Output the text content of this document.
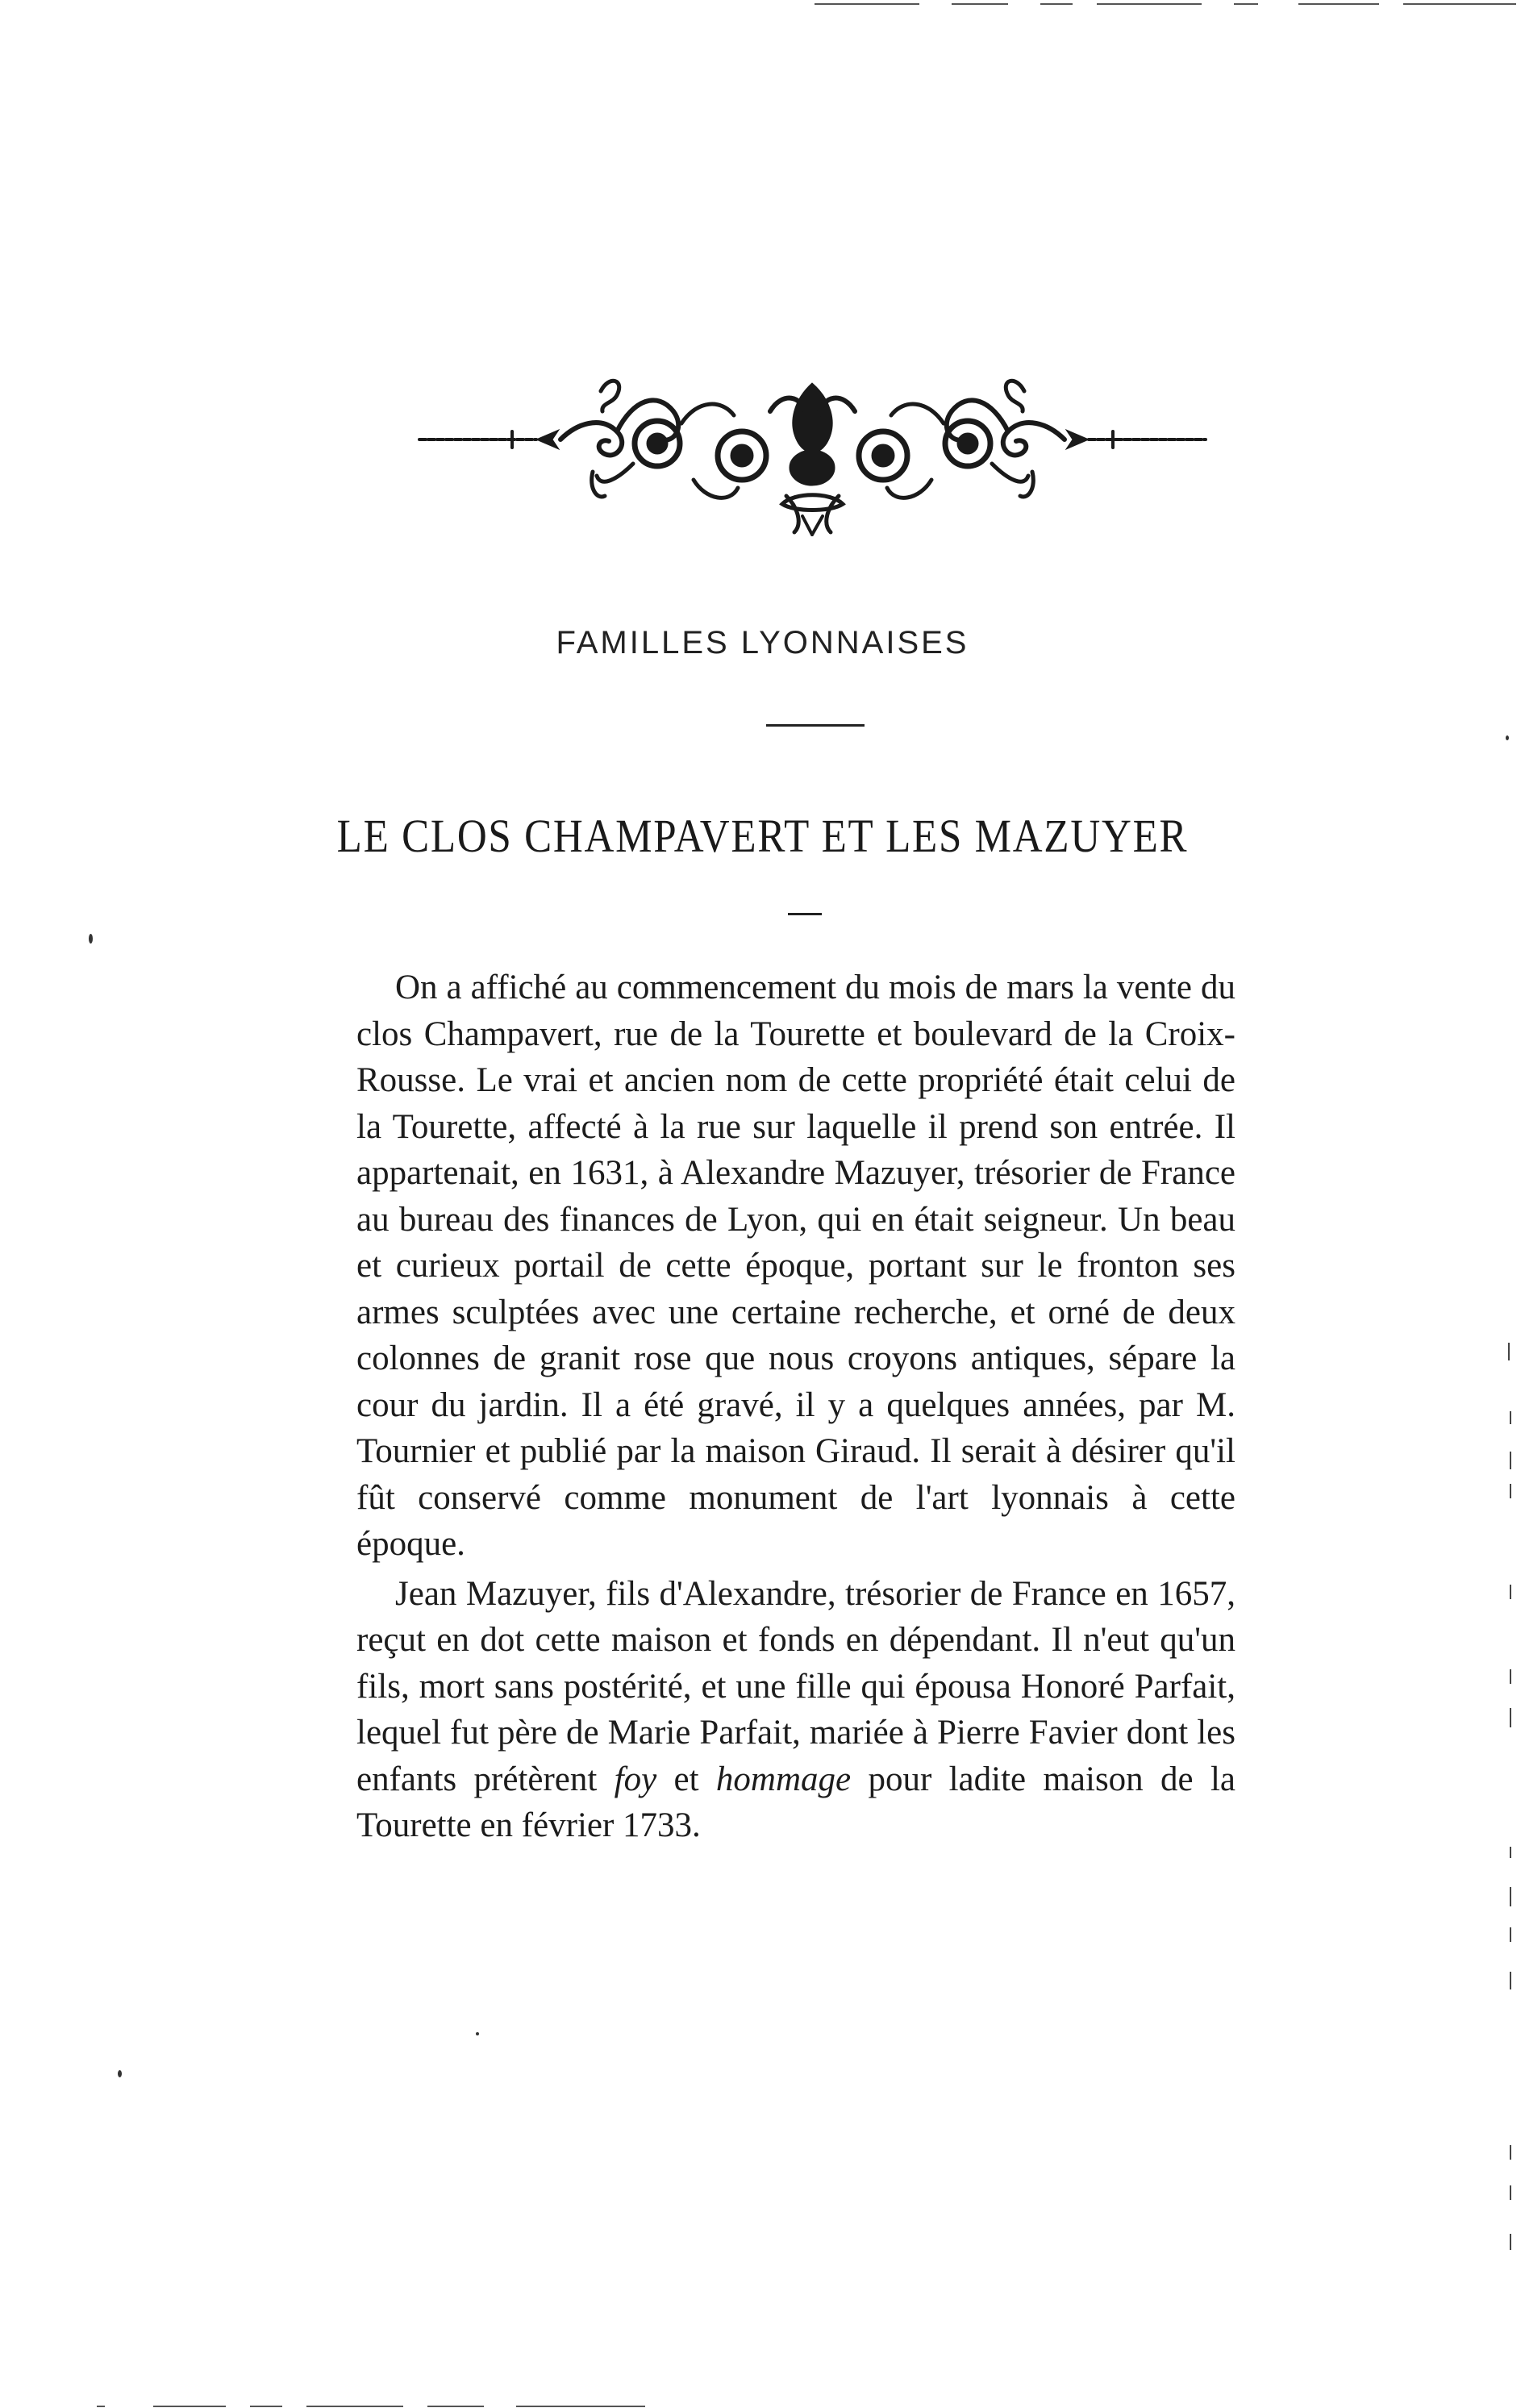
FAMILLES LYONNAISES
LE CLOS CHAMPAVERT ET LES MAZUYER

On a affiché au commencement du mois de mars la vente du clos Champavert, rue de la Tourette et boulevard de la Croix-Rousse. Le vrai et ancien nom de cette propriété était celui de la Tourette, affecté à la rue sur laquelle il prend son entrée. Il appartenait, en 1631, à Alexandre Mazuyer, trésorier de France au bureau des finances de Lyon, qui en était seigneur. Un beau et curieux portail de cette époque, portant sur le fronton ses armes sculptées avec une certaine recherche, et orné de deux colonnes de granit rose que nous croyons antiques, sépare la cour du jardin. Il a été gravé, il y a quelques années, par M. Tournier et publié par la maison Giraud. Il serait à désirer qu'il fût conservé comme monument de l'art lyonnais à cette époque.

Jean Mazuyer, fils d'Alexandre, trésorier de France en 1657, reçut en dot cette maison et fonds en dépendant. Il n'eut qu'un fils, mort sans postérité, et une fille qui épousa Honoré Parfait, lequel fut père de Marie Parfait, mariée à Pierre Favier dont les enfants prétèrent foy et hommage pour ladite maison de la Tourette en février 1733.
